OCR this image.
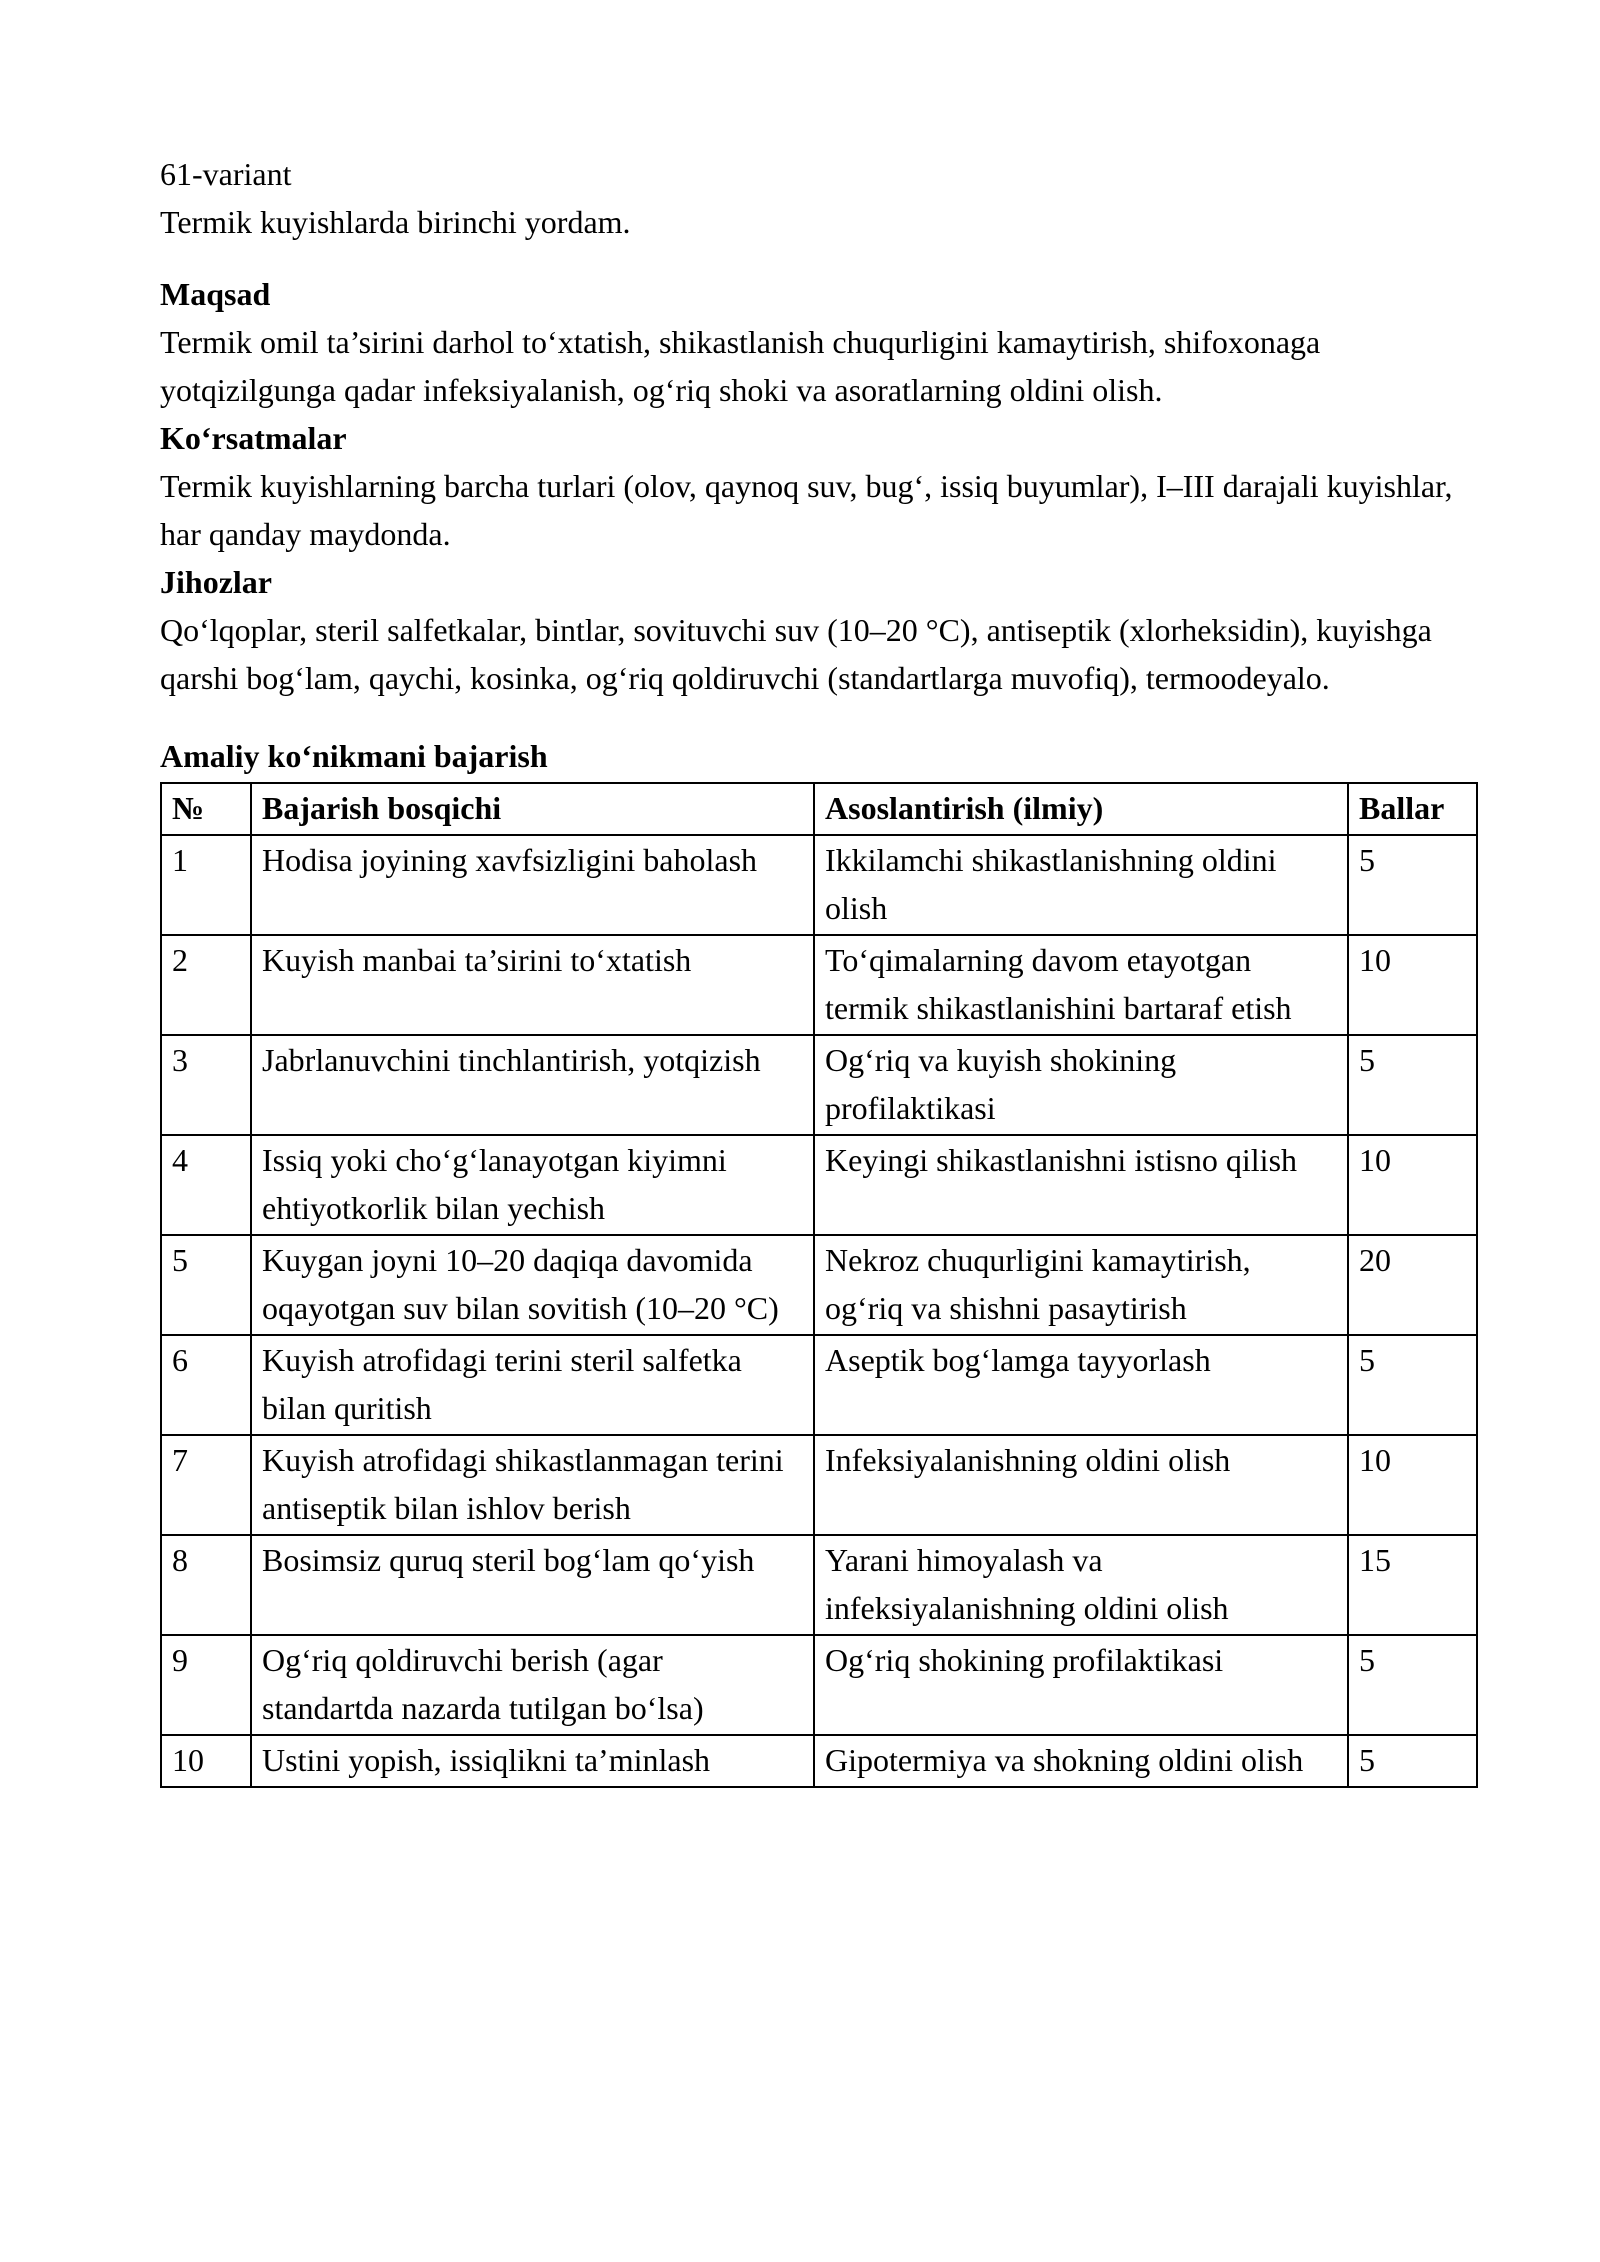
61-variant

Termik kuyishlarda birinchi yordam.

Maqsad

Termik omil ta’sirini darhol to‘xtatish, shikastlanish chuqurligini kamaytirish, shifoxonaga yotqizilgunga qadar infeksiyalanish, og‘riq shoki va asoratlarning oldini olish.

Ko‘rsatmalar

Termik kuyishlarning barcha turlari (olov, qaynoq suv, bug‘, issiq buyumlar), I–III darajali kuyishlar, har qanday maydonda.

Jihozlar

Qo‘lqoplar, steril salfetkalar, bintlar, sovituvchi suv (10–20 °C), antiseptik (xlorheksidin), kuyishga qarshi bog‘lam, qaychi, kosinka, og‘riq qoldiruvchi (standartlarga muvofiq), termoodeyalo.

Amaliy ko‘nikmani bajarish

№	Bajarish bosqichi	Asoslantirish (ilmiy)	Ballar
1	Hodisa joyining xavfsizligini baholash	Ikkilamchi shikastlanishning oldini olish	5
2	Kuyish manbai ta’sirini to‘xtatish	To‘qimalarning davom etayotgan termik shikastlanishini bartaraf etish	10
3	Jabrlanuvchini tinchlantirish, yotqizish	Og‘riq va kuyish shokining profilaktikasi	5
4	Issiq yoki cho‘g‘lanayotgan kiyimni ehtiyotkorlik bilan yechish	Keyingi shikastlanishni istisno qilish	10
5	Kuygan joyni 10–20 daqiqa davomida oqayotgan suv bilan sovitish (10–20 °C)	Nekroz chuqurligini kamaytirish, og‘riq va shishni pasaytirish	20
6	Kuyish atrofidagi terini steril salfetka bilan quritish	Aseptik bog‘lamga tayyorlash	5
7	Kuyish atrofidagi shikastlanmagan terini antiseptik bilan ishlov berish	Infeksiyalanishning oldini olish	10
8	Bosimsiz quruq steril bog‘lam qo‘yish	Yarani himoyalash va infeksiyalanishning oldini olish	15
9	Og‘riq qoldiruvchi berish (agar standartda nazarda tutilgan bo‘lsa)	Og‘riq shokining profilaktikasi	5
10	Ustini yopish, issiqlikni ta’minlash	Gipotermiya va shokning oldini olish	5
